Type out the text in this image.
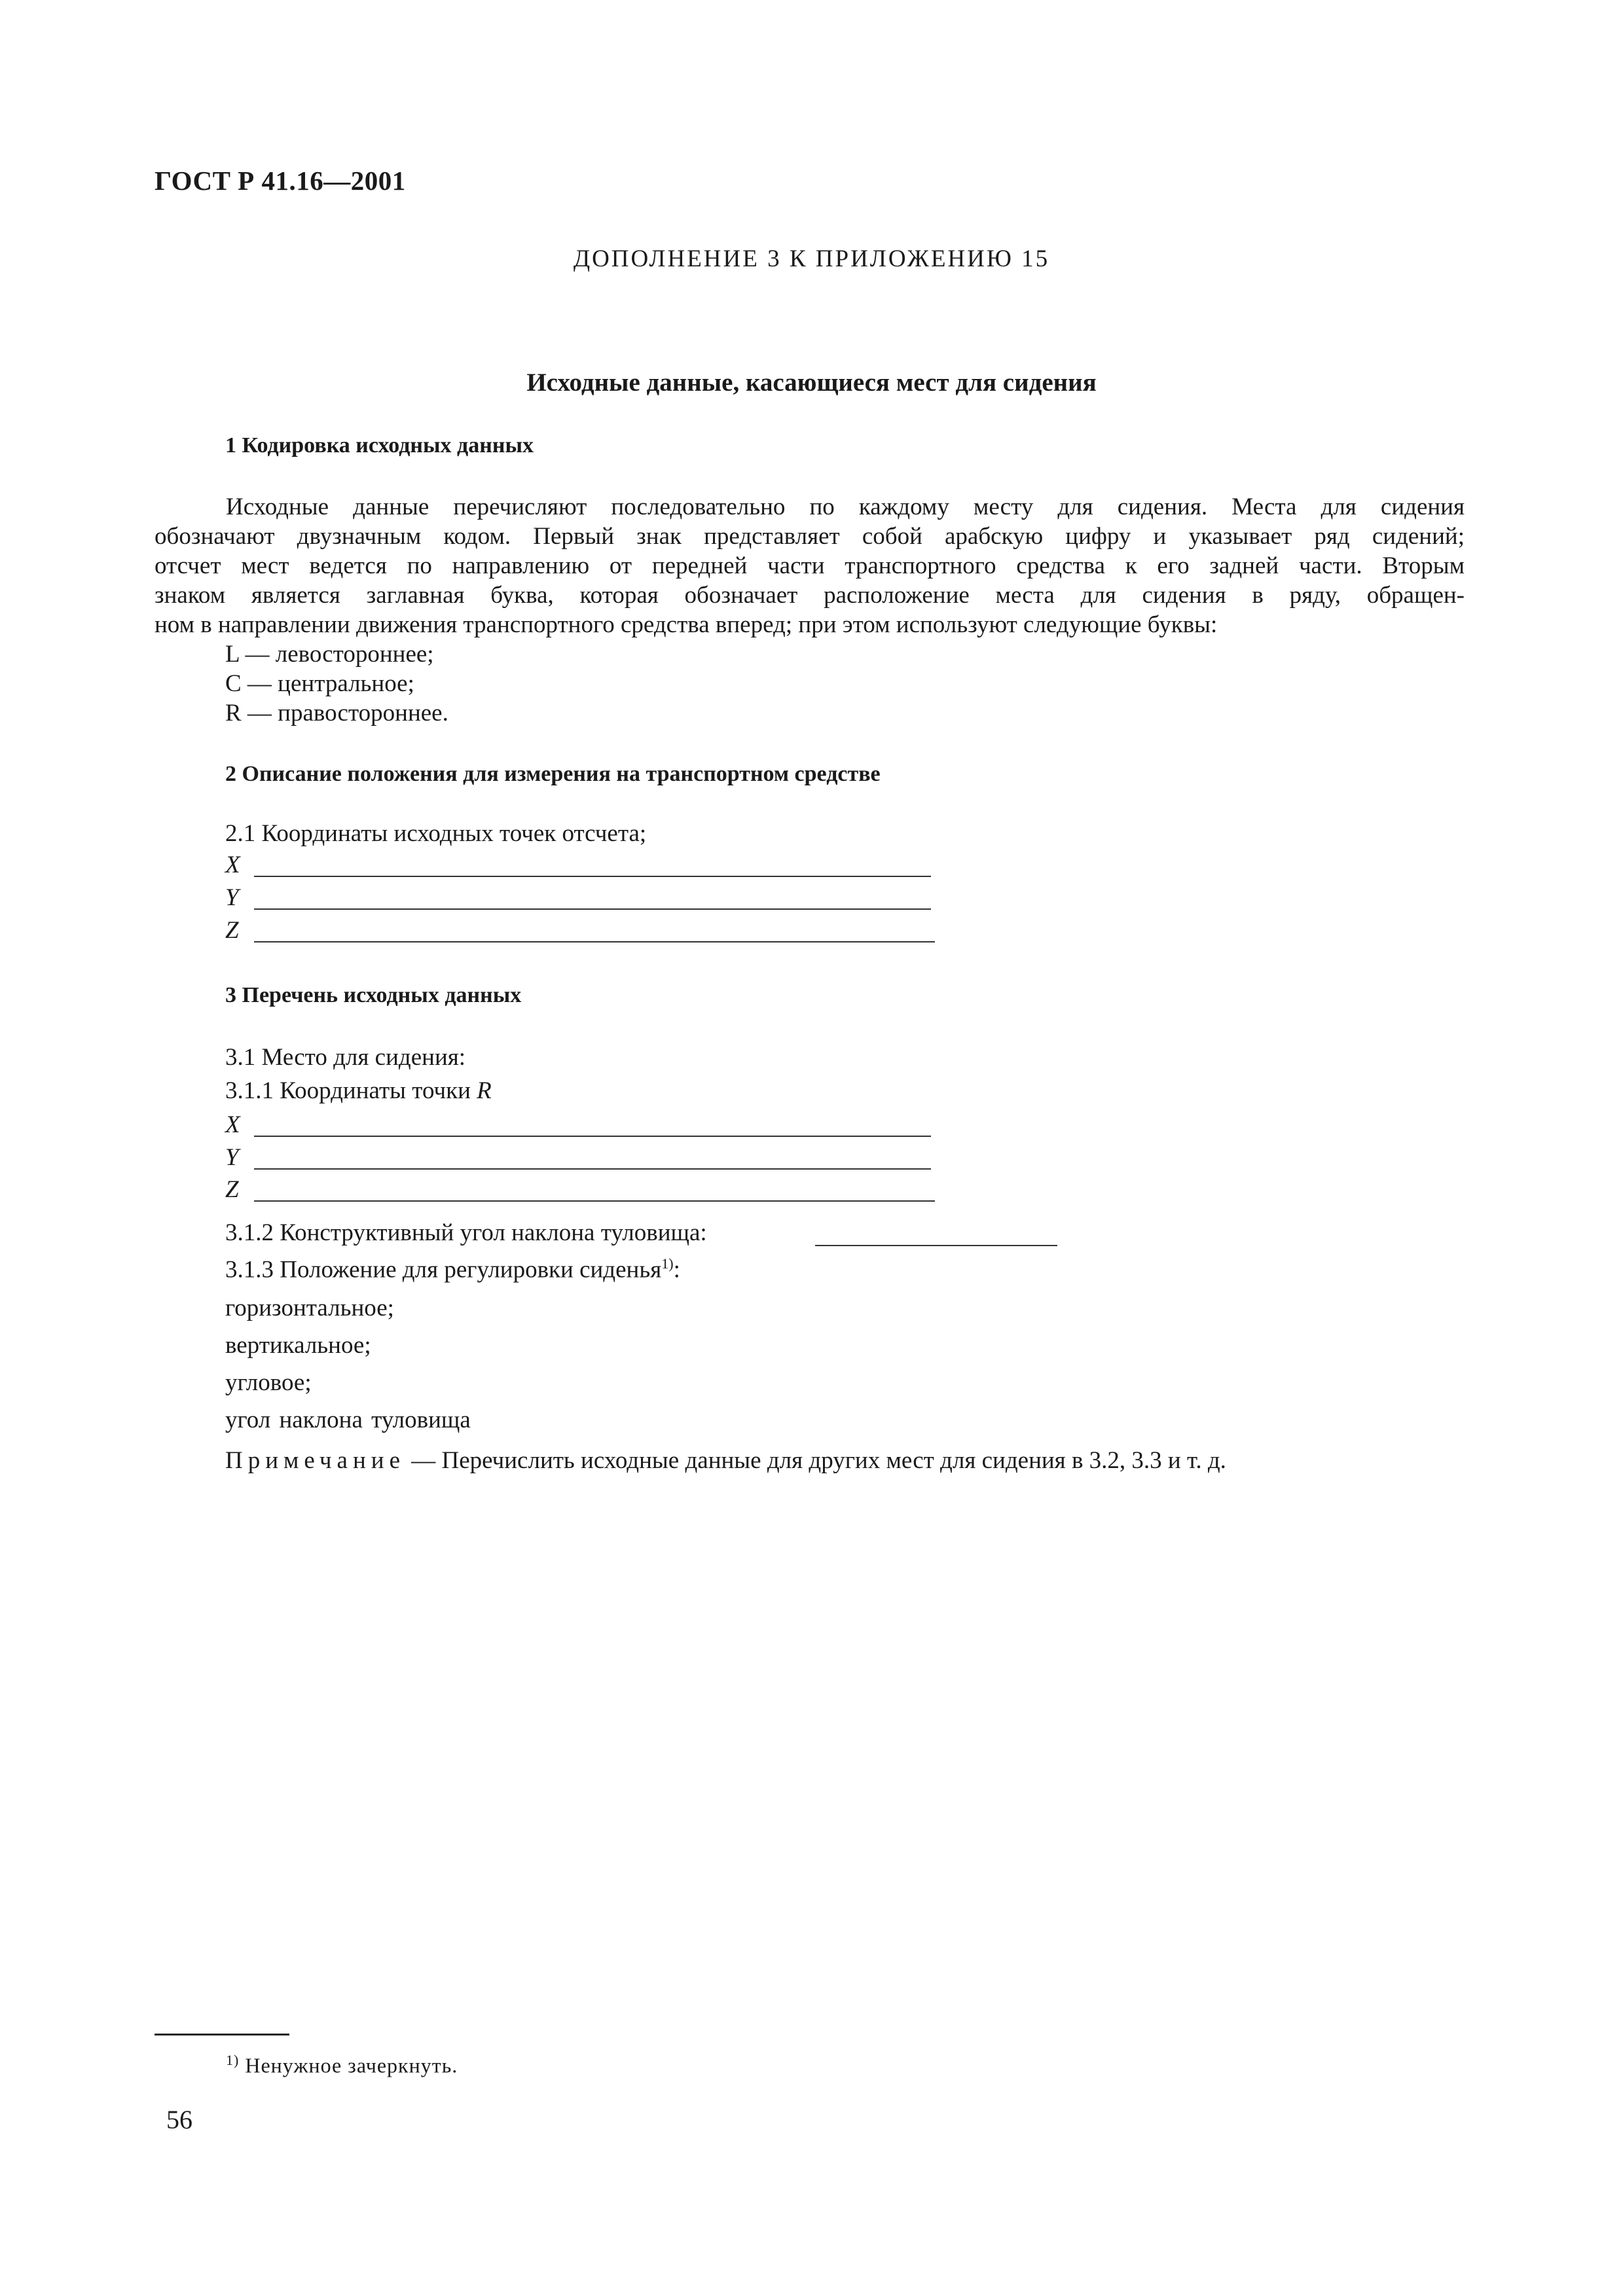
ГОСТ Р 41.16—2001
ДОПОЛНЕНИЕ 3 К ПРИЛОЖЕНИЮ 15
Исходные данные, касающиеся мест для сидения
1 Кодировка исходных данных
Исходные данные перечисляют последовательно по каждому месту для сидения. Места для сидения
обозначают двузначным кодом. Первый знак представляет собой арабскую цифру и указывает ряд сидений;
отсчет мест ведется по направлению от передней части транспортного средства к его задней части. Вторым
знаком является заглавная буква, которая обозначает расположение места для сидения в ряду, обращен-
ном в направлении движения транспортного средства вперед; при этом используют следующие буквы:
L — левостороннее;
C — центральное;
R — правостороннее.
2 Описание положения для измерения на транспортном средстве
2.1 Координаты исходных точек отсчета;
X
Y
Z
3 Перечень исходных данных
3.1 Место для сидения:
3.1.1 Координаты точки R
X
Y
Z
3.1.2 Конструктивный угол наклона туловища:
3.1.3 Положение для регулировки сиденья$^{1)}$:
горизонтальное;
вертикальное;
угловое;
угол наклона туловища
Примечание — Перечислить исходные данные для других мест для сидения в 3.2, 3.3 и т. д.
$^{1)}$ Ненужное зачеркнуть.
56
